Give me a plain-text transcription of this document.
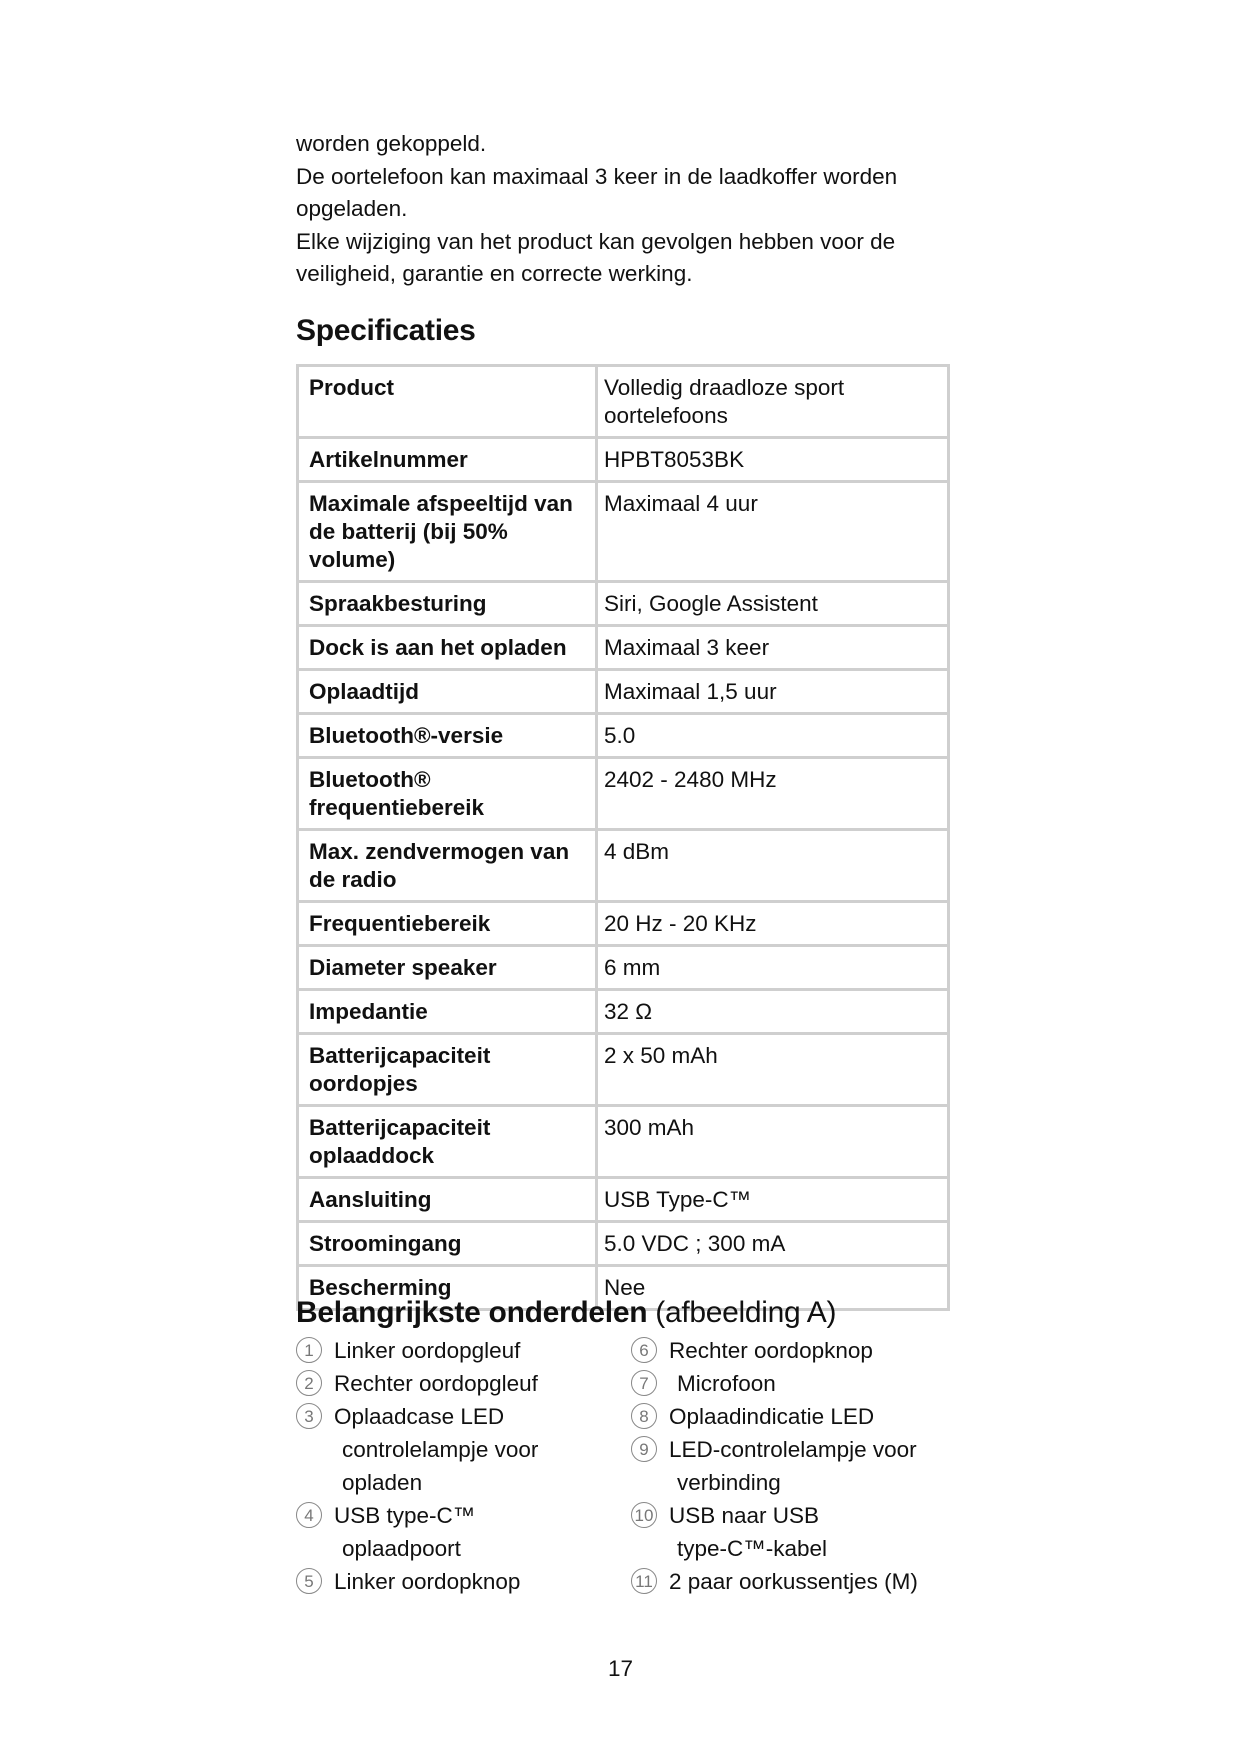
worden gekoppeld.

De oortelefoon kan maximaal 3 keer in de laadkoffer worden

opgeladen.

Elke wijziging van het product kan gevolgen hebben voor de

veiligheid, garantie en correcte werking.

Specificaties
Product	Volledig draadloze sport oortelefoons
Artikelnummer	HPBT8053BK
Maximale afspeeltijd van de batterij (bij 50% volume)	Maximaal 4 uur
Spraakbesturing	Siri, Google Assistent
Dock is aan het opladen	Maximaal 3 keer
Oplaadtijd	Maximaal 1,5 uur
Bluetooth®-versie	5.0
Bluetooth® frequentiebereik	2402 - 2480 MHz
Max. zendvermogen van de radio	4 dBm
Frequentiebereik	20 Hz - 20 KHz
Diameter speaker	6 mm
Impedantie	32 Ω
Batterijcapaciteit oordopjes	2 x 50 mAh
Batterijcapaciteit oplaaddock	300 mAh
Aansluiting	USB Type-C™
Stroomingang	5.0 VDC ; 300 mA
Bescherming	Nee
Belangrijkste onderdelen (afbeelding A)
1 Linker oordopgleuf
2 Rechter oordopgleuf
3 Oplaadcase LED
controlelampje voor
opladen
4 USB type-C™
oplaadpoort
5 Linker oordopknop
6 Rechter oordopknop
7	Microfoon
8 Oplaadindicatie LED
9 LED-controlelampje voor
verbinding
10 USB naar USB
type-C™-kabel
11 2 paar oorkussentjes (M)
17
